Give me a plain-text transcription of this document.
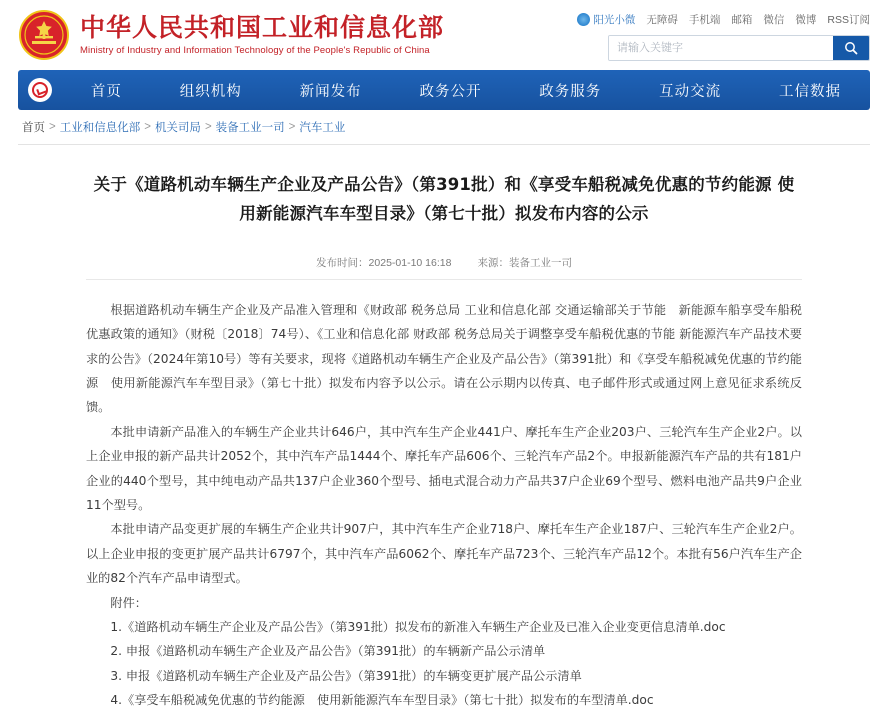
中华人民共和国工业和信息化部
Ministry of Industry and Information Technology of the People's Republic of China
阳光小微 无障碍 手机端 邮箱 微信 微博 RSS订阅
请输入关键字
首页	组织机构	新闻发布	政务公开	政务服务	互动交流	工信数据
首页 > 工业和信息化部 > 机关司局 > 装备工业一司 > 汽车工业
关于《道路机动车辆生产企业及产品公告》（第391批）和《享受车船税减免优惠的节约能源 使用新能源汽车车型目录》（第七十批）拟发布内容的公示
发布时间：2025-01-10 16:18 来源：装备工业一司

根据道路机动车辆生产企业及产品准入管理和《财政部 税务总局 工业和信息化部 交通运输部关于节能　新能源车船享受车船税优惠政策的通知》（财税〔2018〕74号）、《工业和信息化部 财政部 税务总局关于调整享受车船税优惠的节能 新能源汽车产品技术要求的公告》（2024年第10号）等有关要求，现将《道路机动车辆生产企业及产品公告》（第391批）和《享受车船税减免优惠的节约能源　使用新能源汽车车型目录》（第七十批）拟发布内容予以公示。请在公示期内以传真、电子邮件形式或通过网上意见征求系统反馈。

本批申请新产品准入的车辆生产企业共计646户，其中汽车生产企业441户、摩托车生产企业203户、三轮汽车生产企业2户。以上企业申报的新产品共计2052个，其中汽车产品1444个、摩托车产品606个、三轮汽车产品2个。申报新能源汽车产品的共有181户企业的440个型号，其中纯电动产品共137户企业360个型号、插电式混合动力产品共37户企业69个型号、燃料电池产品共9户企业11个型号。

本批申请产品变更扩展的车辆生产企业共计907户，其中汽车生产企业718户、摩托车生产企业187户、三轮汽车生产企业2户。以上企业申报的变更扩展产品共计6797个，其中汽车产品6062个、摩托车产品723个、三轮汽车产品12个。本批有56户汽车生产企业的82个汽车产品申请型式。

附件：

1.《道路机动车辆生产企业及产品公告》（第391批）拟发布的新准入车辆生产企业及已准入企业变更信息清单.doc

2. 申报《道路机动车辆生产企业及产品公告》（第391批）的车辆新产品公示清单

3. 申报《道路机动车辆生产企业及产品公告》（第391批）的车辆变更扩展产品公示清单

4.《享受车船税减免优惠的节约能源　使用新能源汽车车型目录》（第七十批）拟发布的车型清单.doc
